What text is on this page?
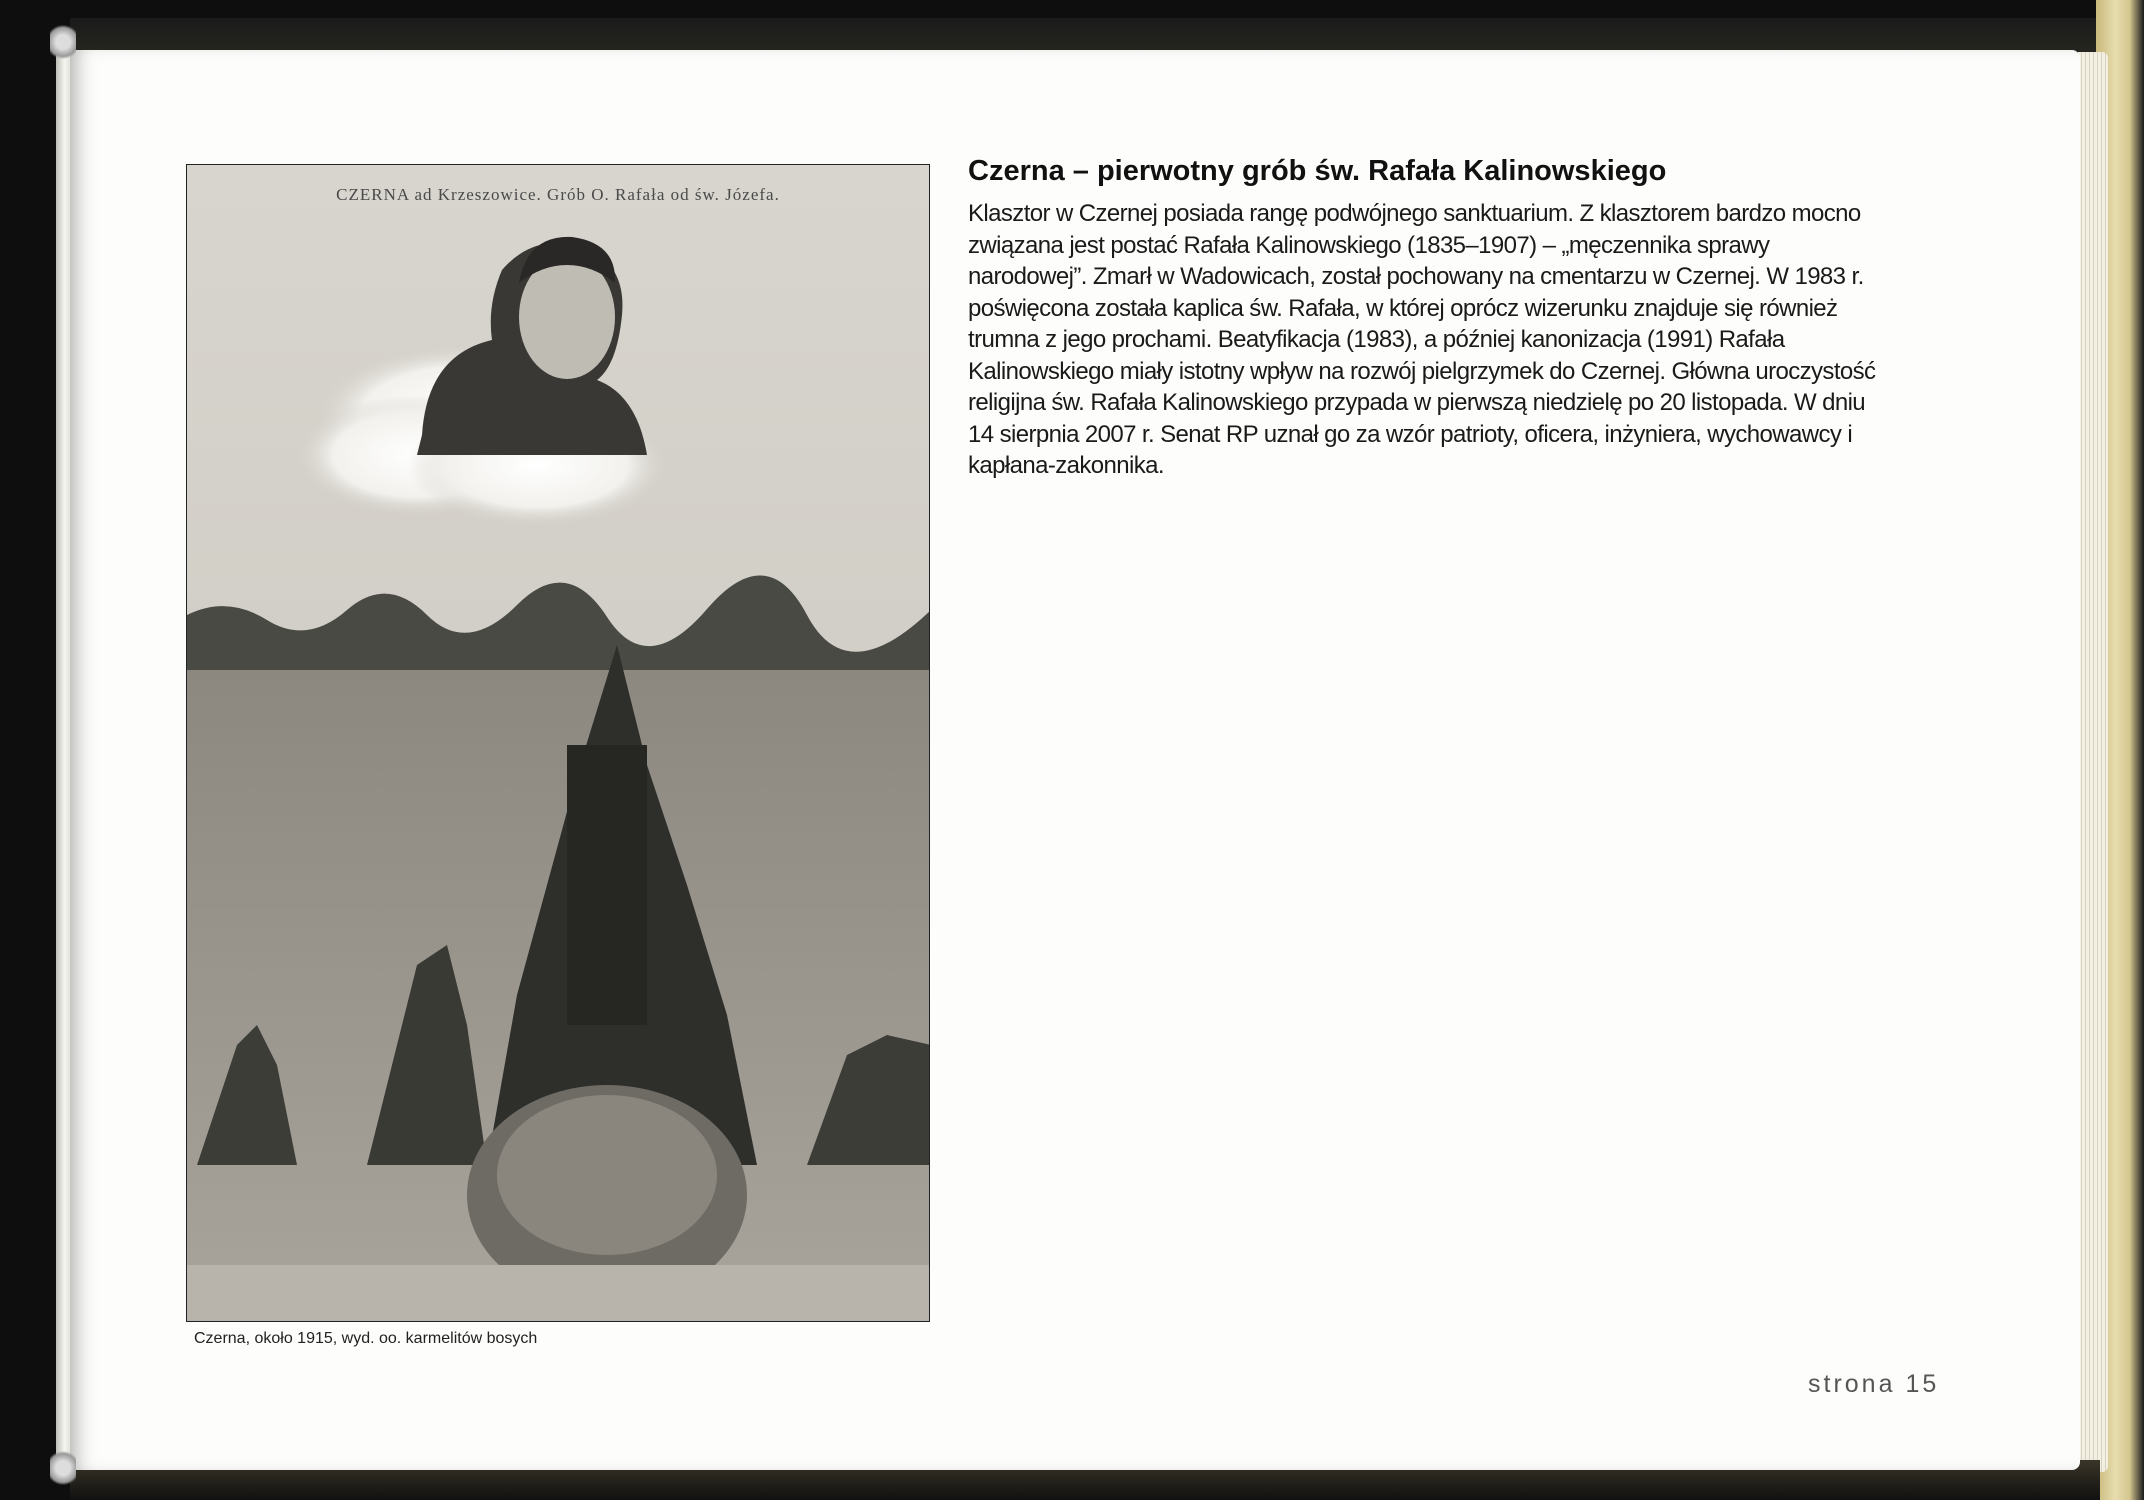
CZERNA ad Krzeszowice. Grób O. Rafała od św. Józefa.
Czerna, około 1915, wyd. oo. karmelitów bosych
Czerna – pierwotny grób św. Rafała Kalinowskiego

Klasztor w Czernej posiada rangę podwójnego sanktuarium. Z klasztorem bardzo mocno związana jest postać Rafała Kalinowskiego (1835–1907) – „męczennika sprawy narodowej”. Zmarł w Wadowicach, został pochowany na cmentarzu w Czernej. W 1983 r. poświęcona została kaplica św. Rafała, w której oprócz wizerunku znajduje się również trumna z jego prochami. Beatyfikacja (1983), a później kanonizacja (1991) Rafała Kalinowskiego miały istotny wpływ na rozwój pielgrzymek do Czernej. Główna uroczystość religijna św. Rafała Kalinowskiego przypada w pierwszą niedzielę po 20 listopada. W dniu 14 sierpnia 2007 r. Senat RP uznał go za wzór patrioty, oficera, inżyniera, wychowawcy i kapłana-zakonnika.

strona 15
